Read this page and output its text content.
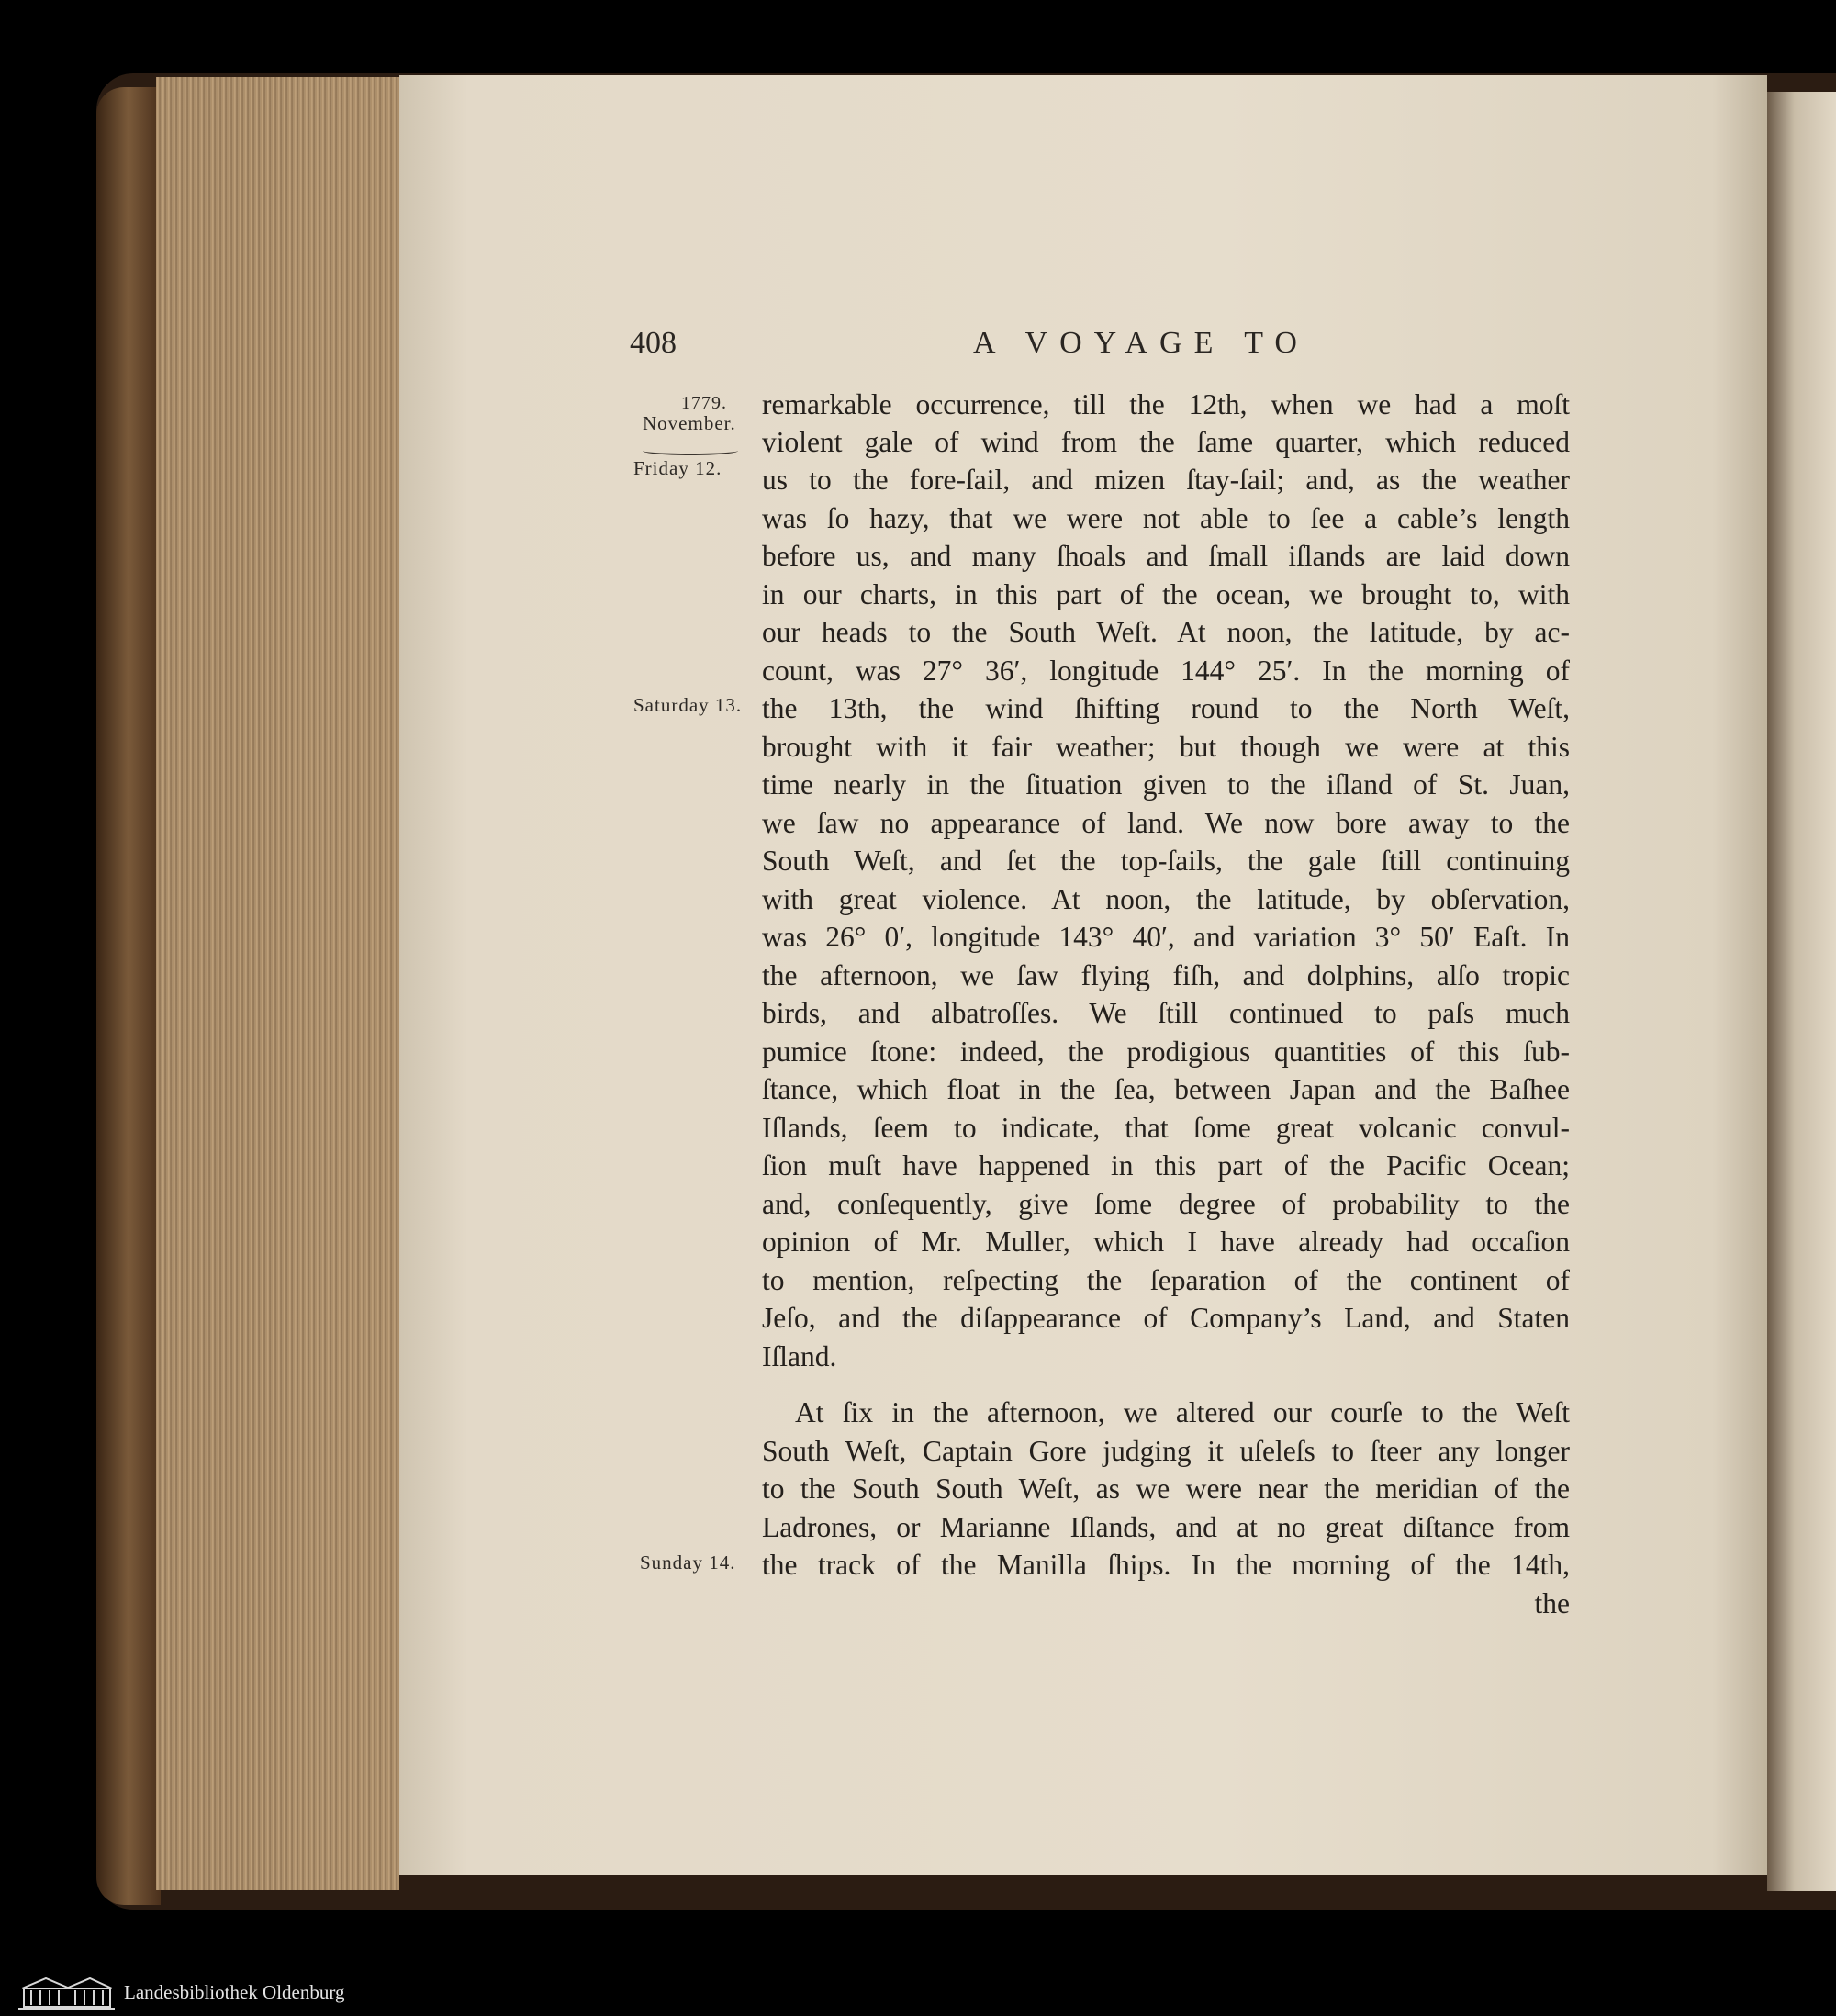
408	A VOYAGE TO
1779.
November.
Friday 12.
Saturday 13.
Sunday 14.
remarkable occurrence, till the 12th, when we had a moſt
violent gale of wind from the ſame quarter, which reduced
us to the fore-ſail, and mizen ſtay-ſail; and, as the weather
was ſo hazy, that we were not able to ſee a cable’s length
before us, and many ſhoals and ſmall iſlands are laid down
in our charts, in this part of the ocean, we brought to, with
our heads to the South Weſt. At noon, the latitude, by ac-
count, was 27° 36′, longitude 144° 25′. In the morning of
the 13th, the wind ſhifting round to the North Weſt,
brought with it fair weather; but though we were at this
time nearly in the ſituation given to the iſland of St. Juan,
we ſaw no appearance of land. We now bore away to the
South Weſt, and ſet the top-ſails, the gale ſtill continuing
with great violence. At noon, the latitude, by obſervation,
was 26° 0′, longitude 143° 40′, and variation 3° 50′ Eaſt. In
the afternoon, we ſaw flying fiſh, and dolphins, alſo tropic
birds, and albatroſſes. We ſtill continued to paſs much
pumice ſtone: indeed, the prodigious quantities of this ſub-
ſtance, which float in the ſea, between Japan and the Baſhee
Iſlands, ſeem to indicate, that ſome great volcanic convul-
ſion muſt have happened in this part of the Pacific Ocean;
and, conſequently, give ſome degree of probability to the
opinion of Mr. Muller, which I have already had occaſion
to mention, reſpecting the ſeparation of the continent of
Jeſo, and the diſappearance of Company’s Land, and Staten
Iſland.
At ſix in the afternoon, we altered our courſe to the Weſt
South Weſt, Captain Gore judging it uſeleſs to ſteer any longer
to the South South Weſt, as we were near the meridian of the
Ladrones, or Marianne Iſlands, and at no great diſtance from
the track of the Manilla ſhips. In the morning of the 14th,
the
Landesbibliothek Oldenburg
